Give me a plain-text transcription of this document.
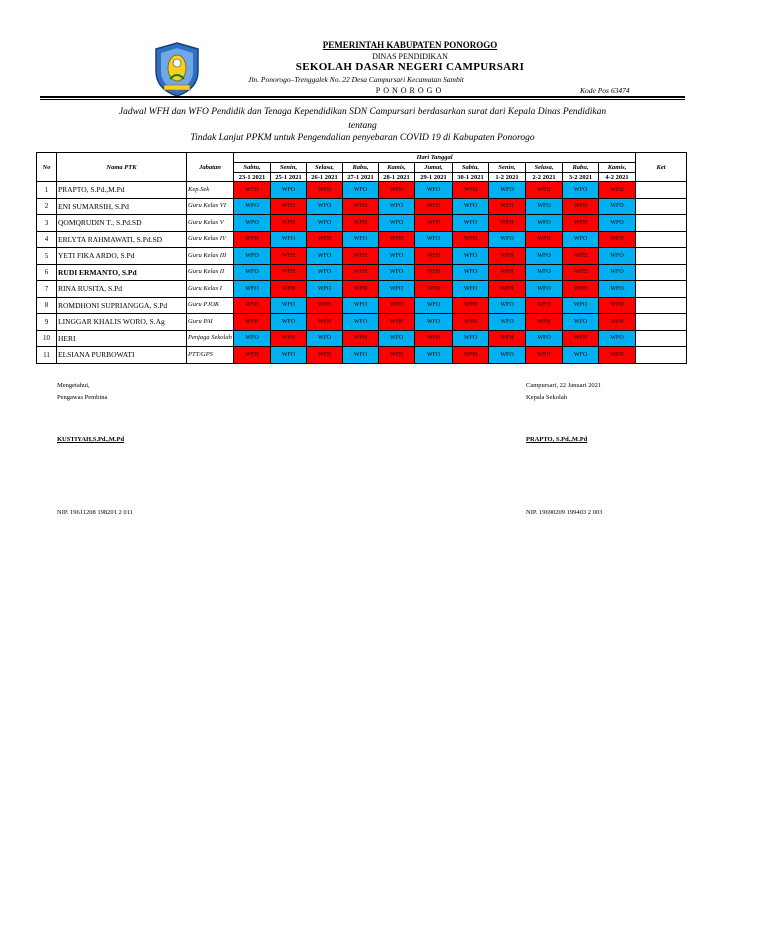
PEMERINTAH KABUPATEN PONOROGO
DINAS PENDIDIKAN
SEKOLAH DASAR NEGERI CAMPURSARI
Jln. Ponorogo–Trenggalek No. 22 Desa Campursari Kecamatan Sambit
PONOROGO	Kode Pos 63474
Jadwal WFH dan WFO Pendidik dan Tenaga Kependidikan SDN Campursari berdasarkan surat dari Kepala Dinas Pendidikan
tentang
Tindak Lanjut PPKM untuk Pengendalian penyebaran COVID 19 di Kabupaten Ponorogo
No	Nama PTK	Jabatan	Hari Tanggal											Ket
			Sabtu,	Senin,	Selasa,	Rabu,	Kamis,	Jumat,	Sabtu,	Senin,	Selasa,	Rabu,	Kamis,	
			23-1 2021	25-1 2021	26-1 2021	27-1 2021	28-1 2021	29-1 2021	30-1 2021	1-2 2021	2-2 2021	3-2 2021	4-2 2021	
1	PRAPTO, S.Pd.,M.Pd	Kep.Sek	WFH	WFO	WFH	WFO	WFH	WFO	WFH	WFO	WFH	WFO	WFH	
2	ENI SUMARSIH, S.Pd	Guru Kelas VI	WFO	WFH	WFO	WFH	WFO	WFH	WFO	WFH	WFO	WFH	WFO	
3	QOMQRUDIN T., S.Pd.SD	Guru Kelas V	WFO	WFH	WFO	WFH	WFO	WFH	WFO	WFH	WFO	WFH	WFO	
4	ERLYTA RAHMAWATI, S.Pd.SD	Guru Kelas IV	WFH	WFO	WFH	WFO	WFH	WFO	WFH	WFO	WFH	WFO	WFH	
5	YETI FIKA ARDO, S.Pd	Guru Kelas III	WFO	WFH	WFO	WFH	WFO	WFH	WFO	WFH	WFO	WFH	WFO	
6	RUDI ERMANTO, S.Pd	Guru Kelas II	WFO	WFH	WFO	WFH	WFO	WFH	WFO	WFH	WFO	WFH	WFO	
7	RINA RUSITA, S.Pd	Guru Kelas I	WFO	WFH	WFO	WFH	WFO	WFH	WFO	WFH	WFO	WFH	WFO	
8	ROMDHONI SUPRIANGGA, S.Pd	Guru PJOK	WFH	WFO	WFH	WFO	WFH	WFO	WFH	WFO	WFH	WFO	WFH	
9	LINGGAR KHALIS WORO, S.Ag	Guru PAI	WFH	WFO	WFH	WFO	WFH	WFO	WFH	WFO	WFH	WFO	WFH	
10	HERI	Penjaga Sekolah	WFO	WFH	WFO	WFH	WFO	WFH	WFO	WFH	WFO	WFH	WFO	
11	ELSIANA PURBOWATI	PTT/GPS	WFH	WFO	WFH	WFO	WFH	WFO	WFH	WFO	WFH	WFO	WFH	
Mengetahui,
Pengawas Pembina
KUSTIYAH,S.Pd.,M.Pd
NIP. 19611208 198201 2 011
Campursari, 22 Januari 2021
Kepala Sekolah
PRAPTO, S.Pd.,M.Pd
NIP. 19690209 199403 2 003
